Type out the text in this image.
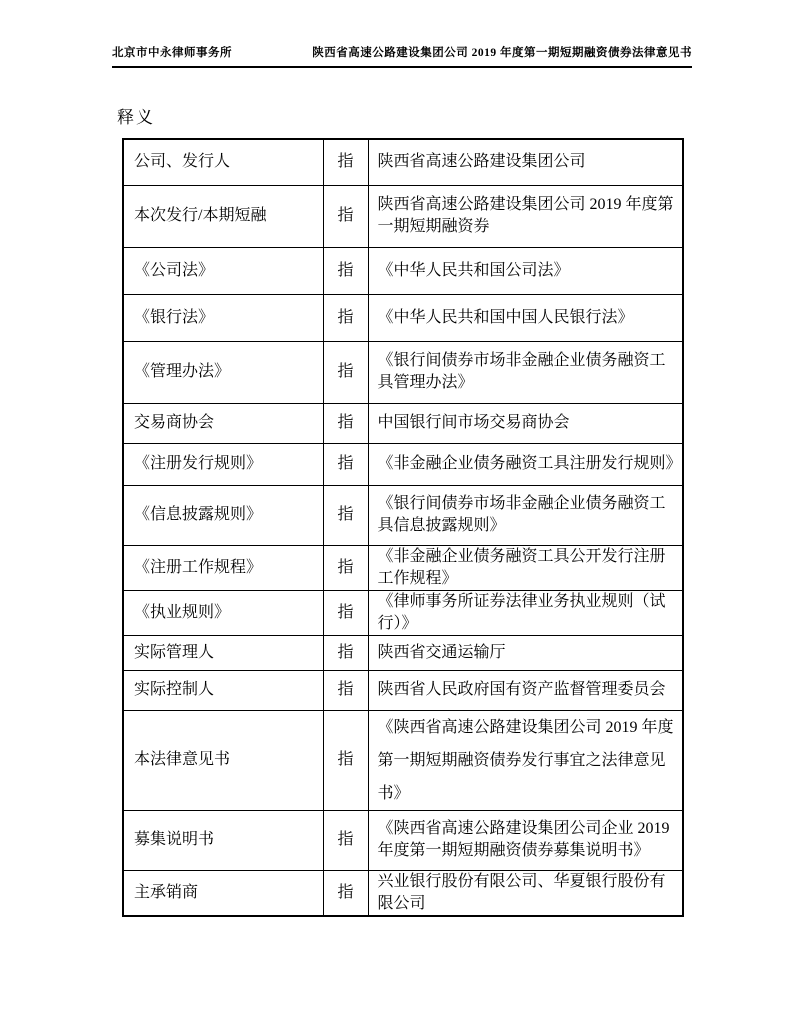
北京市中永律师事务所	陕西省高速公路建设集团公司 2019 年度第一期短期融资债券法律意见书
释义
公司、发行人	指	陕西省高速公路建设集团公司
本次发行/本期短融	指	陕西省高速公路建设集团公司 2019 年度第一期短期融资券
《公司法》	指	《中华人民共和国公司法》
《银行法》	指	《中华人民共和国中国人民银行法》
《管理办法》	指	《银行间债券市场非金融企业债务融资工具管理办法》
交易商协会	指	中国银行间市场交易商协会
《注册发行规则》	指	《非金融企业债务融资工具注册发行规则》
《信息披露规则》	指	《银行间债券市场非金融企业债务融资工具信息披露规则》
《注册工作规程》	指	《非金融企业债务融资工具公开发行注册工作规程》
《执业规则》	指	《律师事务所证券法律业务执业规则（试行）》
实际管理人	指	陕西省交通运输厅
实际控制人	指	陕西省人民政府国有资产监督管理委员会
本法律意见书	指	《陕西省高速公路建设集团公司 2019 年度第一期短期融资债券发行事宜之法律意见书》
募集说明书	指	《陕西省高速公路建设集团公司企业 2019 年度第一期短期融资债券募集说明书》
主承销商	指	兴业银行股份有限公司、华夏银行股份有限公司
